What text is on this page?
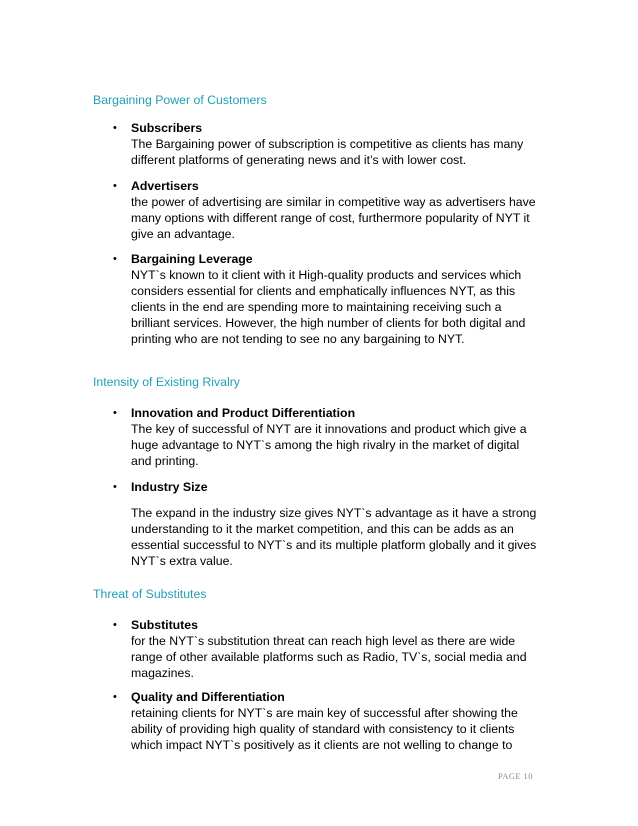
Bargaining Power of Customers
• Subscribers
The Bargaining power of subscription is competitive as clients has many
different platforms of generating news and it’s with lower cost.
• Advertisers
the power of advertising are similar in competitive way as advertisers have
many options with different range of cost, furthermore popularity of NYT it
give an advantage.
• Bargaining Leverage
NYT`s known to it client with it High-quality products and services which
considers essential for clients and emphatically influences NYT, as this
clients in the end are spending more to maintaining receiving such a
brilliant services. However, the high number of clients for both digital and
printing who are not tending to see no any bargaining to NYT.
Intensity of Existing Rivalry
• Innovation and Product Differentiation
The key of successful of NYT are it innovations and product which give a
huge advantage to NYT`s among the high rivalry in the market of digital
and printing.
• Industry Size
The expand in the industry size gives NYT`s advantage as it have a strong
understanding to it the market competition, and this can be adds as an
essential successful to NYT`s and its multiple platform globally and it gives
NYT`s extra value.
Threat of Substitutes
• Substitutes
for the NYT`s substitution threat can reach high level as there are wide
range of other available platforms such as Radio, TV`s, social media and
magazines.
• Quality and Differentiation
retaining clients for NYT`s are main key of successful after showing the
ability of providing high quality of standard with consistency to it clients
which impact NYT`s positively as it clients are not welling to change to
PAGE 10
